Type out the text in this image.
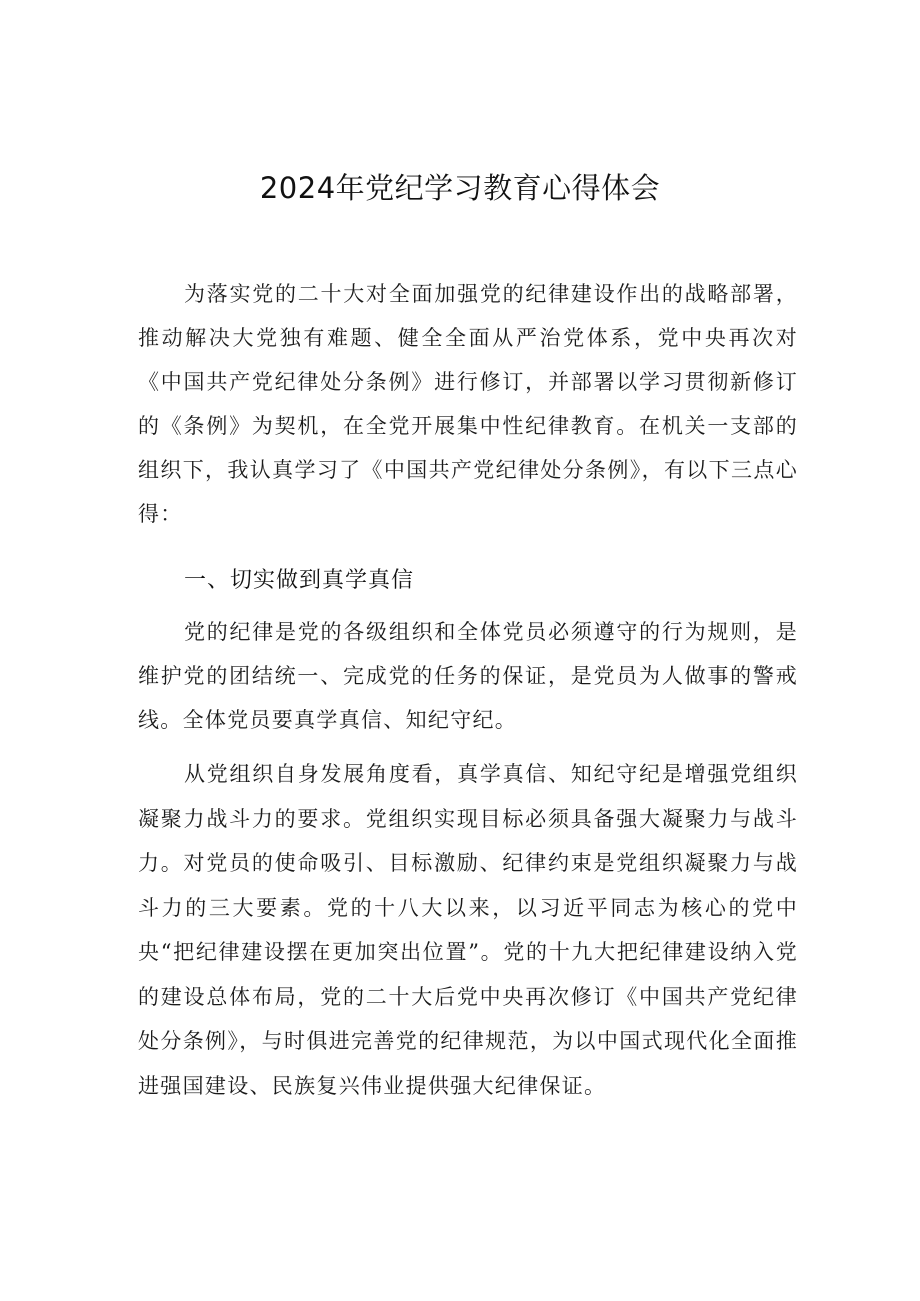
2024年党纪学习教育心得体会

为落实党的二十大对全面加强党的纪律建设作出的战略部署，推动解决大党独有难题、健全全面从严治党体系，党中央再次对《中国共产党纪律处分条例》进行修订，并部署以学习贯彻新修订的《条例》为契机，在全党开展集中性纪律教育。在机关一支部的组织下，我认真学习了《中国共产党纪律处分条例》，有以下三点心得：

一、切实做到真学真信

党的纪律是党的各级组织和全体党员必须遵守的行为规则，是维护党的团结统一、完成党的任务的保证，是党员为人做事的警戒线。全体党员要真学真信、知纪守纪。

从党组织自身发展角度看，真学真信、知纪守纪是增强党组织凝聚力战斗力的要求。党组织实现目标必须具备强大凝聚力与战斗力。对党员的使命吸引、目标激励、纪律约束是党组织凝聚力与战斗力的三大要素。党的十八大以来，以习近平同志为核心的党中央“把纪律建设摆在更加突出位置”。党的十九大把纪律建设纳入党的建设总体布局，党的二十大后党中央再次修订《中国共产党纪律处分条例》，与时俱进完善党的纪律规范，为以中国式现代化全面推进强国建设、民族复兴伟业提供强大纪律保证。
